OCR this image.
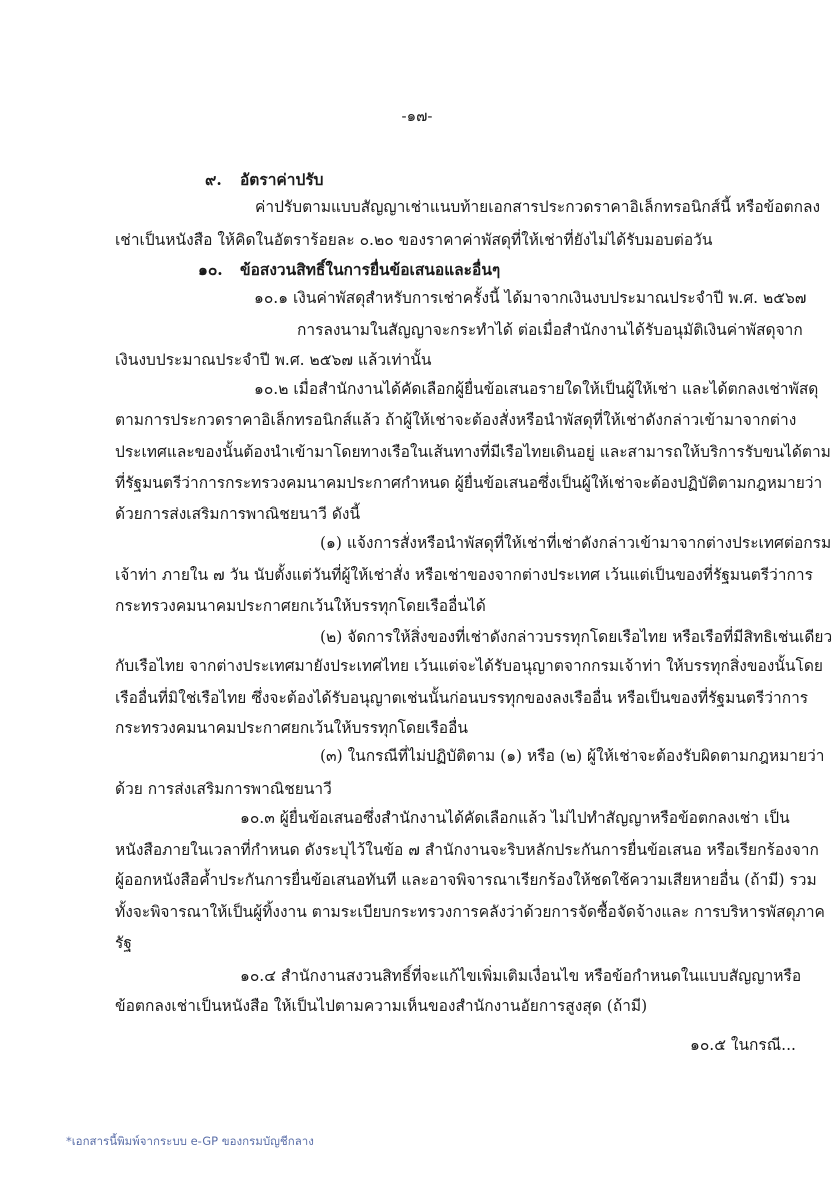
-๑๗-
๙. อัตราค่าปรับ
ค่าปรับตามแบบสัญญาเช่าแนบท้ายเอกสารประกวดราคาอิเล็กทรอนิกส์นี้ หรือข้อตกลง
เช่าเป็นหนังสือ ให้คิดในอัตราร้อยละ ๐.๒๐ ของราคาค่าพัสดุที่ให้เช่าที่ยังไม่ได้รับมอบต่อวัน
๑๐. ข้อสงวนสิทธิ์ในการยื่นข้อเสนอและอื่นๆ
๑๐.๑ เงินค่าพัสดุสำหรับการเช่าครั้งนี้ ได้มาจากเงินงบประมาณประจำปี พ.ศ. ๒๕๖๗
การลงนามในสัญญาจะกระทำได้ ต่อเมื่อสำนักงานได้รับอนุมัติเงินค่าพัสดุจาก
เงินงบประมาณประจำปี พ.ศ. ๒๕๖๗ แล้วเท่านั้น
๑๐.๒ เมื่อสำนักงานได้คัดเลือกผู้ยื่นข้อเสนอรายใดให้เป็นผู้ให้เช่า และได้ตกลงเช่าพัสดุ
ตามการประกวดราคาอิเล็กทรอนิกส์แล้ว ถ้าผู้ให้เช่าจะต้องสั่งหรือนำพัสดุที่ให้เช่าดังกล่าวเข้ามาจากต่าง
ประเทศและของนั้นต้องนำเข้ามาโดยทางเรือในเส้นทางที่มีเรือไทยเดินอยู่ และสามารถให้บริการรับขนได้ตาม
ที่รัฐมนตรีว่าการกระทรวงคมนาคมประกาศกำหนด ผู้ยื่นข้อเสนอซึ่งเป็นผู้ให้เช่าจะต้องปฏิบัติตามกฎหมายว่า
ด้วยการส่งเสริมการพาณิชยนาวี ดังนี้
(๑) แจ้งการสั่งหรือนำพัสดุที่ให้เช่าที่เช่าดังกล่าวเข้ามาจากต่างประเทศต่อกรม
เจ้าท่า ภายใน ๗ วัน นับตั้งแต่วันที่ผู้ให้เช่าสั่ง หรือเช่าของจากต่างประเทศ เว้นแต่เป็นของที่รัฐมนตรีว่าการ
กระทรวงคมนาคมประกาศยกเว้นให้บรรทุกโดยเรืออื่นได้
(๒) จัดการให้สิ่งของที่เช่าดังกล่าวบรรทุกโดยเรือไทย หรือเรือที่มีสิทธิเช่นเดียว
กับเรือไทย จากต่างประเทศมายังประเทศไทย เว้นแต่จะได้รับอนุญาตจากกรมเจ้าท่า ให้บรรทุกสิ่งของนั้นโดย
เรืออื่นที่มิใช่เรือไทย ซึ่งจะต้องได้รับอนุญาตเช่นนั้นก่อนบรรทุกของลงเรืออื่น หรือเป็นของที่รัฐมนตรีว่าการ
กระทรวงคมนาคมประกาศยกเว้นให้บรรทุกโดยเรืออื่น
(๓) ในกรณีที่ไม่ปฏิบัติตาม (๑) หรือ (๒) ผู้ให้เช่าจะต้องรับผิดตามกฎหมายว่า
ด้วย การส่งเสริมการพาณิชยนาวี
๑๐.๓ ผู้ยื่นข้อเสนอซึ่งสำนักงานได้คัดเลือกแล้ว ไม่ไปทำสัญญาหรือข้อตกลงเช่า เป็น
หนังสือภายในเวลาที่กำหนด ดังระบุไว้ในข้อ ๗ สำนักงานจะริบหลักประกันการยื่นข้อเสนอ หรือเรียกร้องจาก
ผู้ออกหนังสือค้ำประกันการยื่นข้อเสนอทันที และอาจพิจารณาเรียกร้องให้ชดใช้ความเสียหายอื่น (ถ้ามี) รวม
ทั้งจะพิจารณาให้เป็นผู้ทิ้งงาน ตามระเบียบกระทรวงการคลังว่าด้วยการจัดซื้อจัดจ้างและ การบริหารพัสดุภาค
รัฐ
๑๐.๔ สำนักงานสงวนสิทธิ์ที่จะแก้ไขเพิ่มเติมเงื่อนไข หรือข้อกำหนดในแบบสัญญาหรือ
ข้อตกลงเช่าเป็นหนังสือ ให้เป็นไปตามความเห็นของสำนักงานอัยการสูงสุด (ถ้ามี)
๑๐.๕ ในกรณี...
*เอกสารนี้พิมพ์จากระบบ e-GP ของกรมบัญชีกลาง
